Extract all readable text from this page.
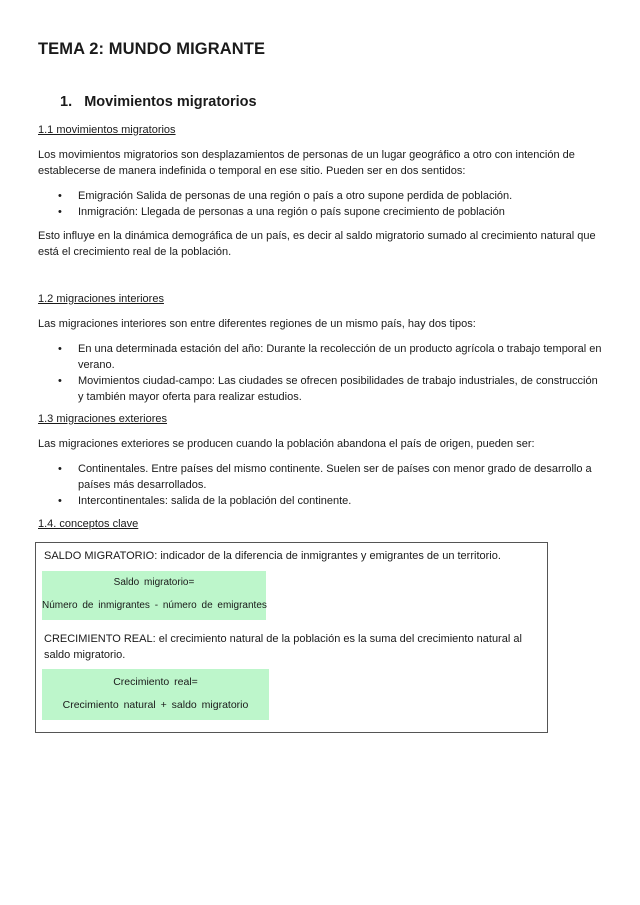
TEMA 2: MUNDO MIGRANTE
1. Movimientos migratorios

1.1 movimientos migratorios

Los movimientos migratorios son desplazamientos de personas de un lugar geográfico a otro con intención de establecerse de manera indefinida o temporal en ese sitio. Pueden ser en dos sentidos:

• Emigración Salida de personas de una región o país a otro supone perdida de población.
• Inmigración: Llegada de personas a una región o país supone crecimiento de población

Esto influye en la dinámica demográfica de un país, es decir al saldo migratorio sumado al crecimiento natural que está el crecimiento real de la población.

1.2 migraciones interiores

Las migraciones interiores son entre diferentes regiones de un mismo país, hay dos tipos:

• En una determinada estación del año: Durante la recolección de un producto agrícola o trabajo temporal en verano.
• Movimientos ciudad-campo: Las ciudades se ofrecen posibilidades de trabajo industriales, de construcción y también mayor oferta para realizar estudios.

1.3 migraciones exteriores

Las migraciones exteriores se producen cuando la población abandona el país de origen, pueden ser:

• Continentales. Entre países del mismo continente. Suelen ser de países con menor grado de desarrollo a países más desarrollados.
• Intercontinentales: salida de la población del continente.

1.4. conceptos clave

SALDO MIGRATORIO: indicador de la diferencia de inmigrantes y emigrantes de un territorio.

Saldo migratorio=
Número de inmigrantes - número de emigrantes

CRECIMIENTO REAL: el crecimiento natural de la población es la suma del crecimiento natural al saldo migratorio.

Crecimiento real=
Crecimiento natural + saldo migratorio
